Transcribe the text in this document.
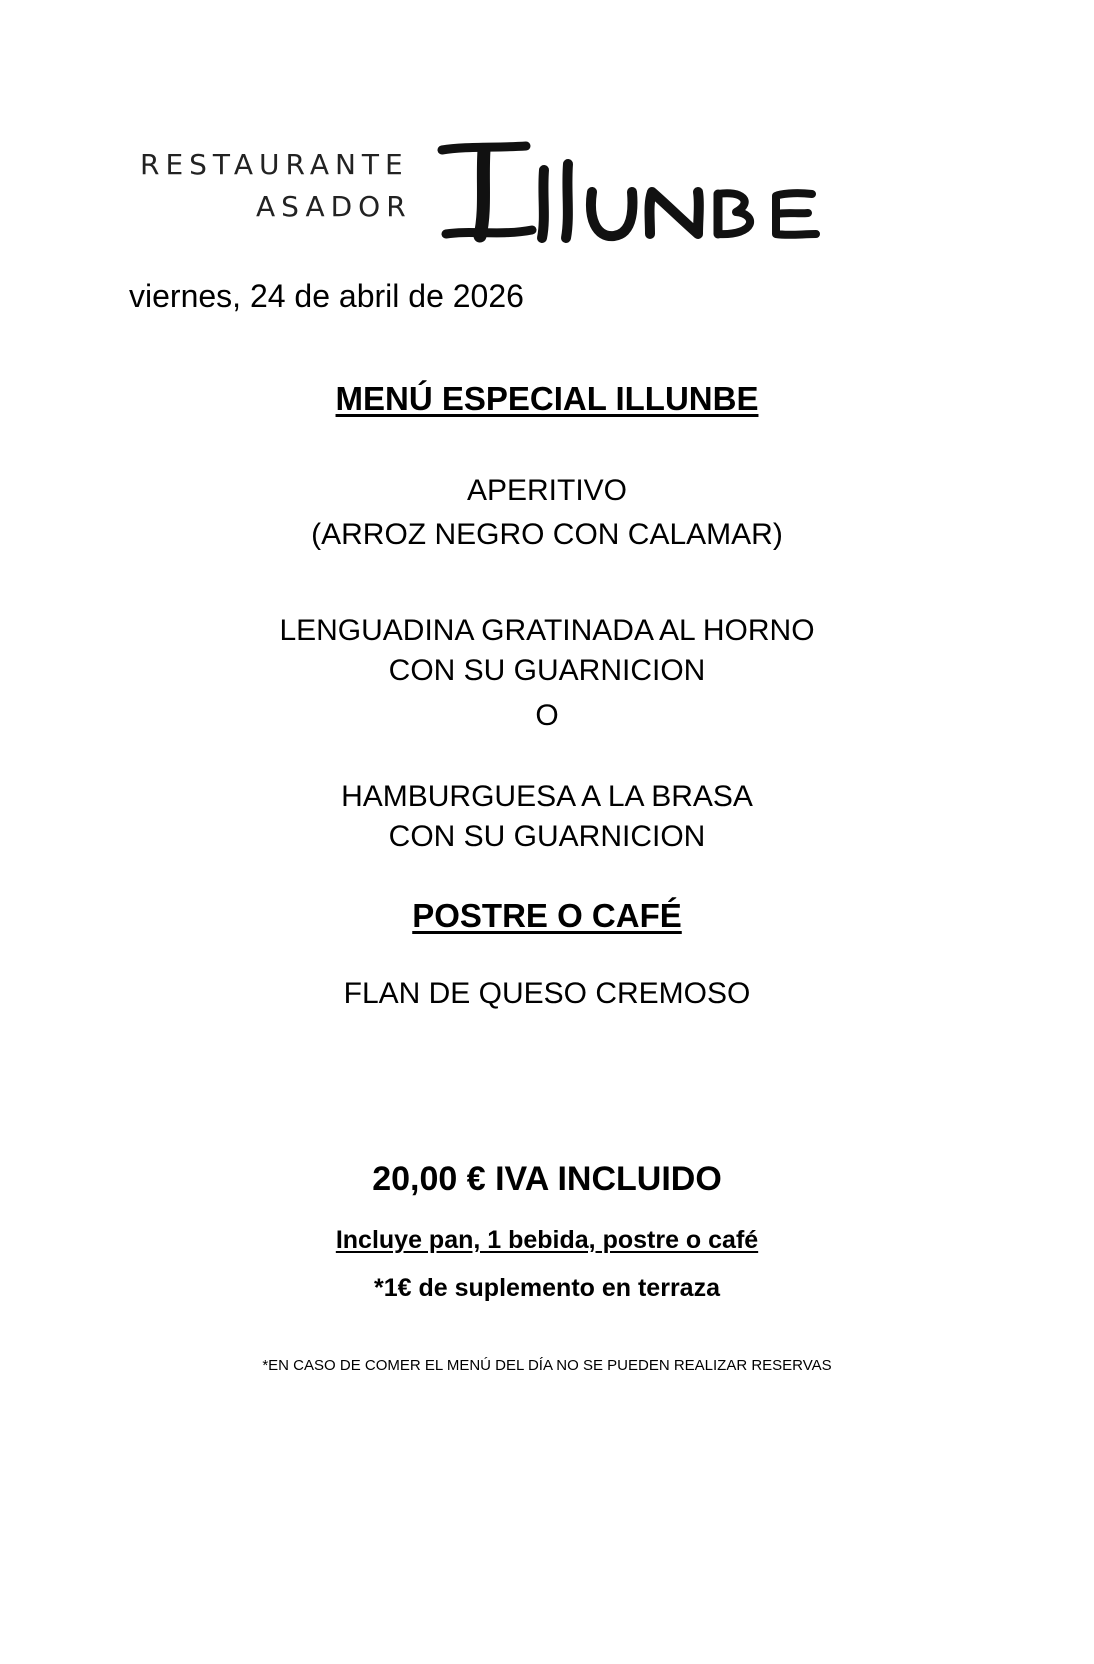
RESTAURANTE
ASADOR
viernes, 24 de abril de 2026
MENÚ ESPECIAL ILLUNBE
APERITIVO
(ARROZ NEGRO CON CALAMAR)
LENGUADINA GRATINADA AL HORNO
CON SU GUARNICION
O
HAMBURGUESA A LA BRASA
CON SU GUARNICION
POSTRE O CAFÉ
FLAN DE QUESO CREMOSO
20,00 € IVA INCLUIDO
Incluye pan, 1 bebida, postre o café
*1€ de suplemento en terraza
*EN CASO DE COMER EL MENÚ DEL DÍA NO SE PUEDEN REALIZAR RESERVAS
